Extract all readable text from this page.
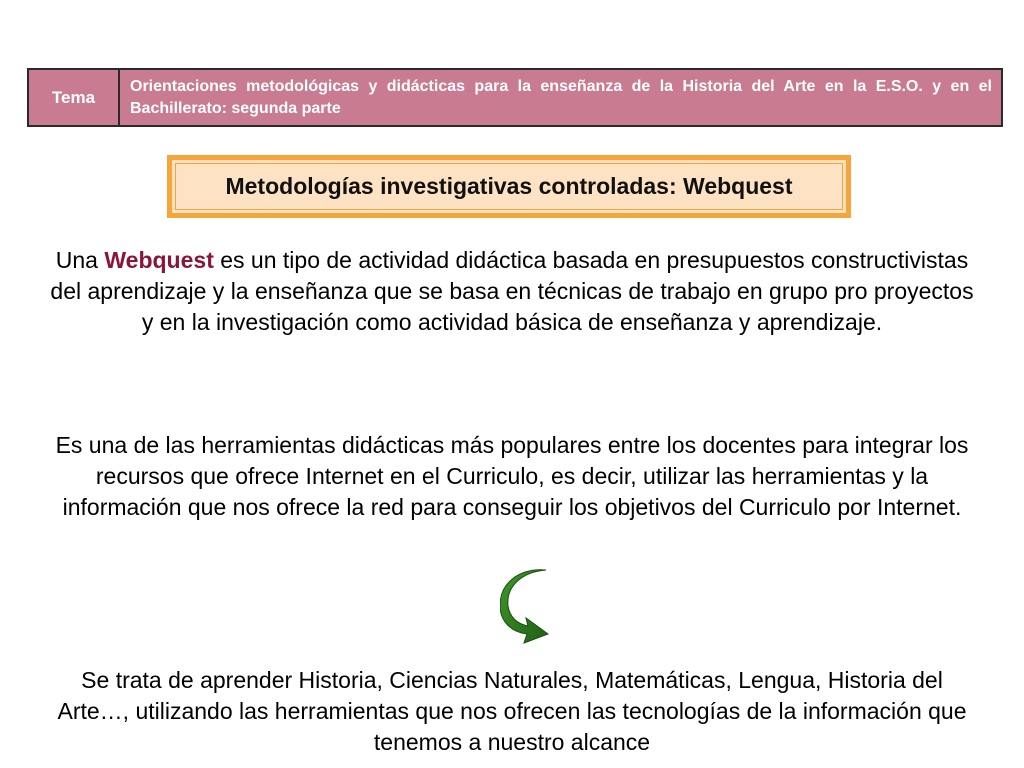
Tema
Orientaciones metodológicas y didácticas para la enseñanza de la Historia del Arte en la E.S.O. y en el Bachillerato: segunda parte
Metodologías investigativas controladas: Webquest
Una Webquest es un tipo de actividad didáctica basada en presupuestos constructivistas del aprendizaje y la enseñanza que se basa en técnicas de trabajo en grupo pro proyectos y en la investigación como actividad básica de enseñanza y aprendizaje.
Es una de las herramientas didácticas más populares entre los docentes para integrar los recursos que ofrece Internet en el Curriculo, es decir, utilizar las herramientas y la información que nos ofrece la red para conseguir los objetivos del Curriculo por Internet.
Se trata de aprender Historia, Ciencias Naturales, Matemáticas, Lengua, Historia del Arte…, utilizando las herramientas que nos ofrecen las tecnologías de la información que tenemos a nuestro alcance
